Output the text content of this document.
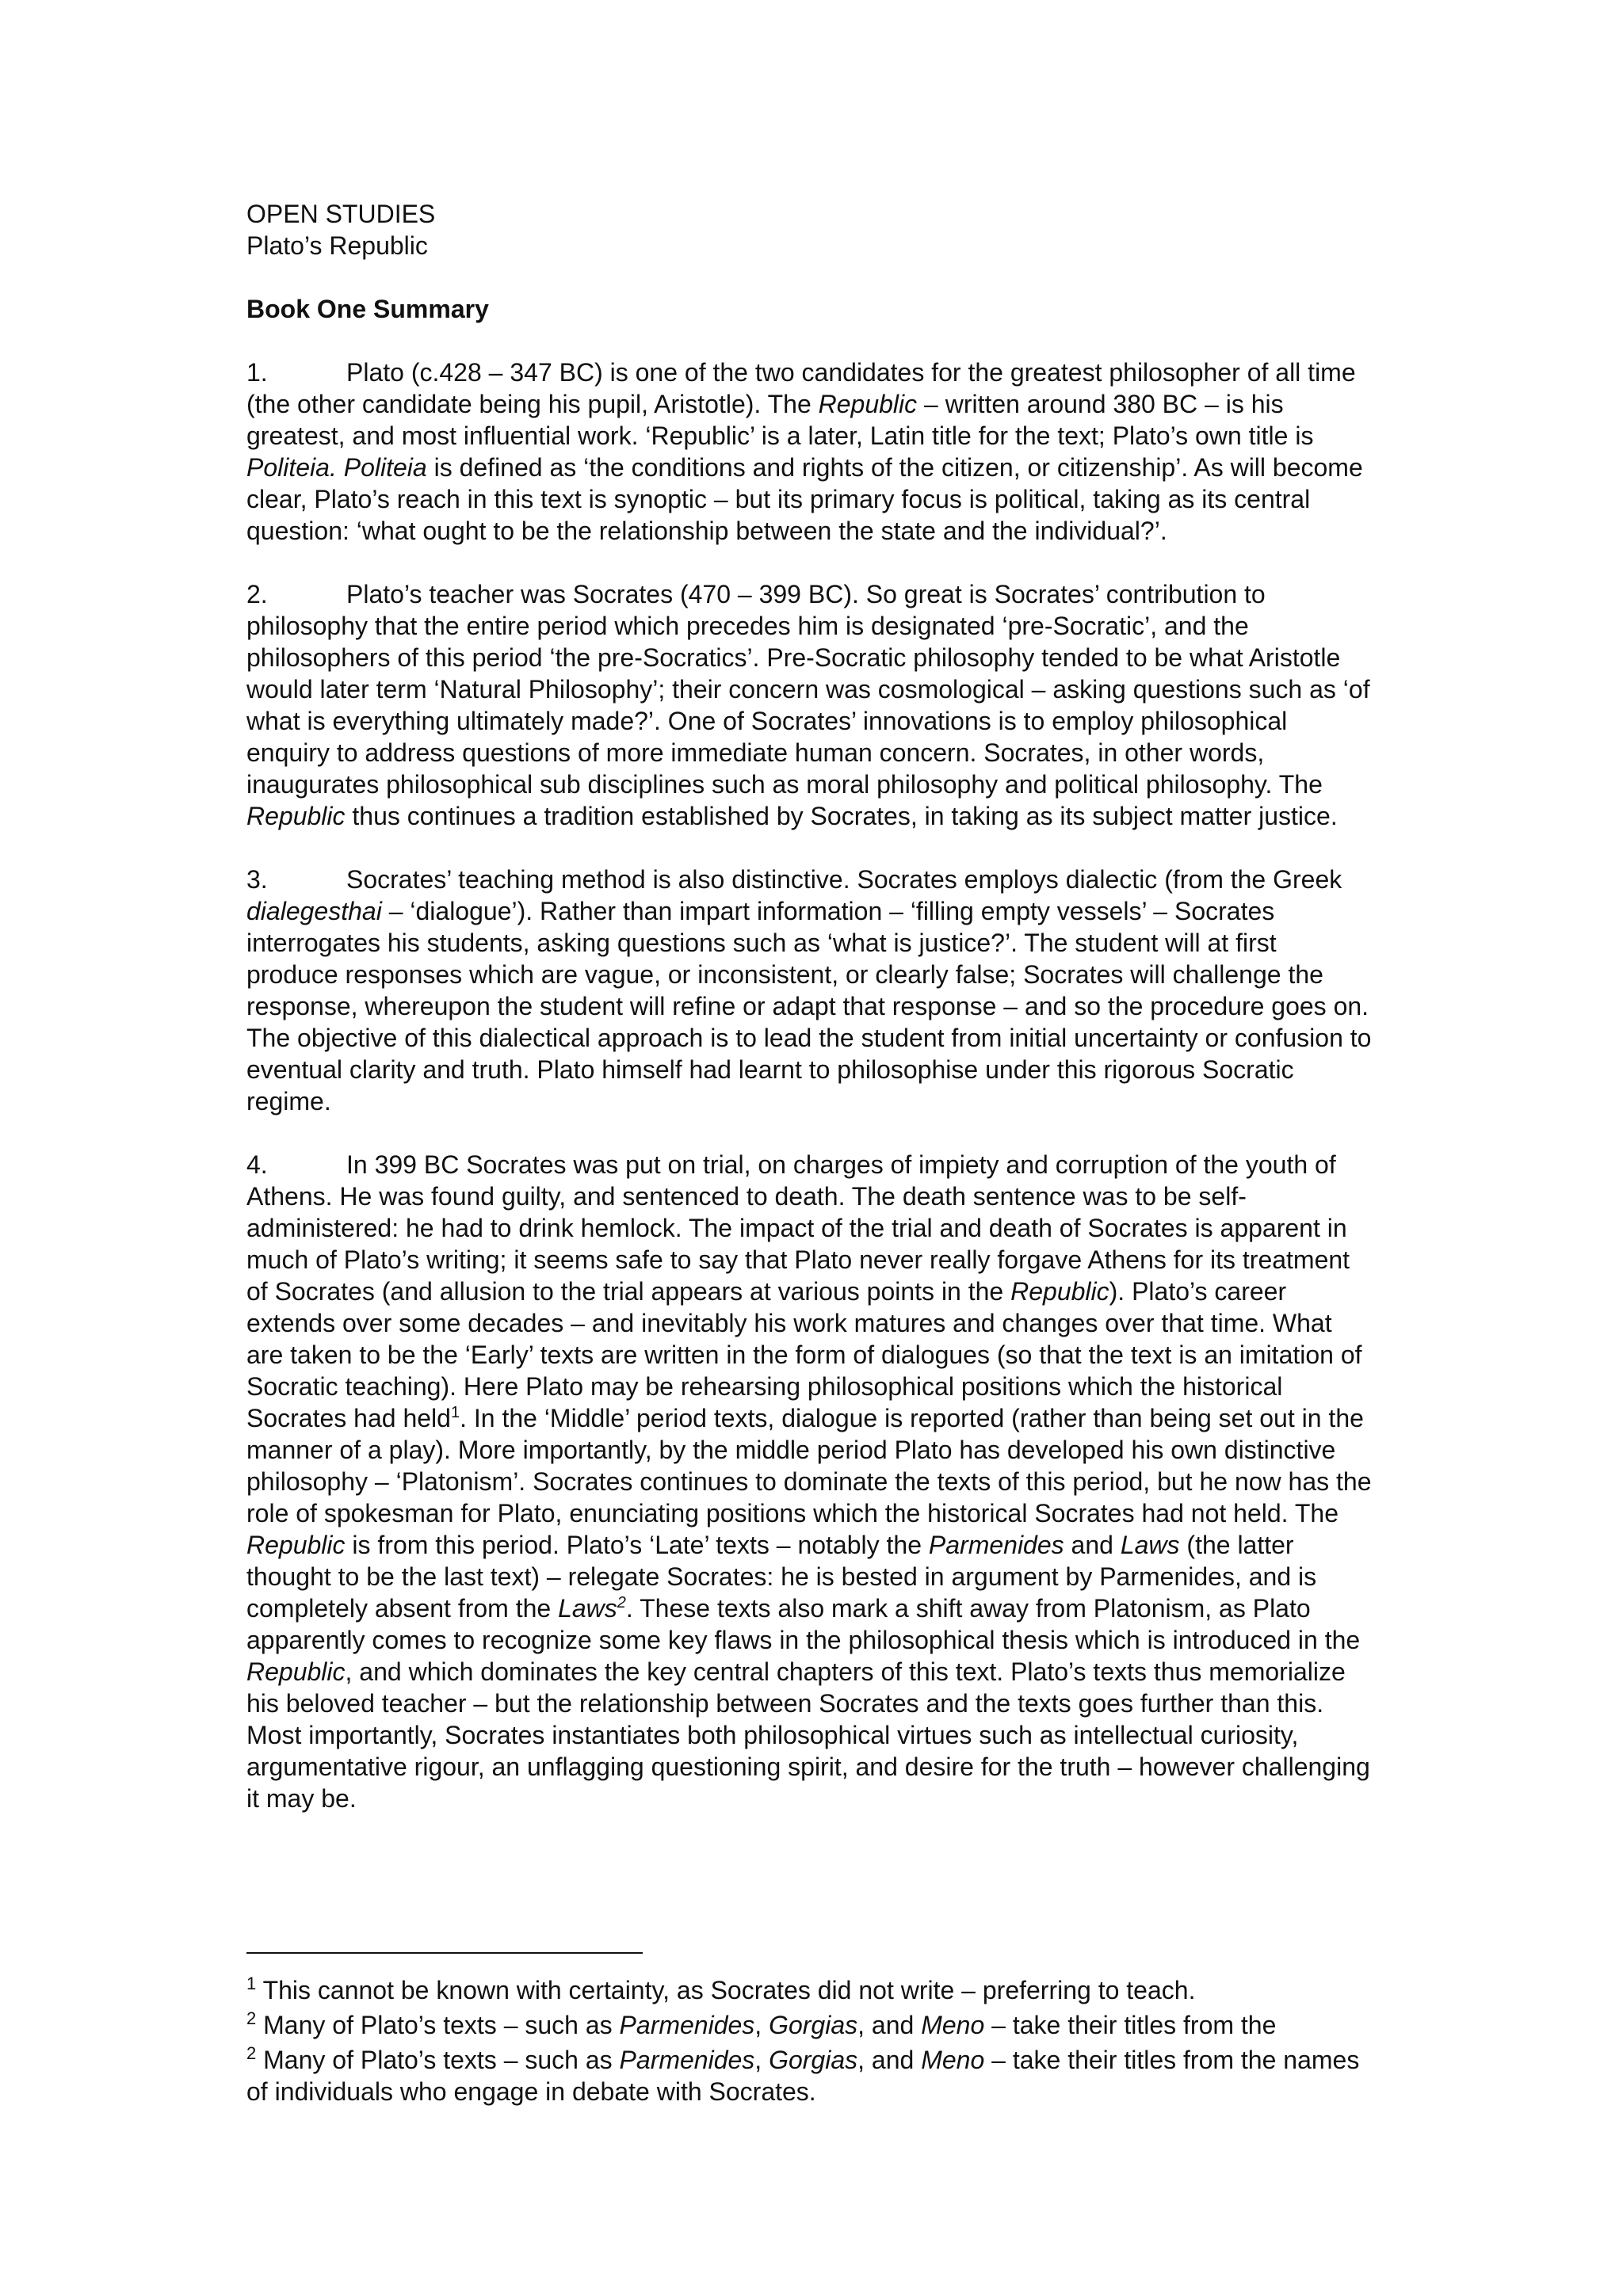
OPEN STUDIES

Plato’s Republic

Book One Summary

1.	Plato (c.428 – 347 BC) is one of the two candidates for the greatest philosopher of all time (the other candidate being his pupil, Aristotle). The Republic – written around 380 BC – is his greatest, and most influential work. ‘Republic’ is a later, Latin title for the text; Plato’s own title is Politeia. Politeia is defined as ‘the conditions and rights of the citizen, or citizenship’. As will become clear, Plato’s reach in this text is synoptic – but its primary focus is political, taking as its central question: ‘what ought to be the relationship between the state and the individual?’.

2.	Plato’s teacher was Socrates (470 – 399 BC). So great is Socrates’ contribution to philosophy that the entire period which precedes him is designated ‘pre-Socratic’, and the philosophers of this period ‘the pre-Socratics’. Pre-Socratic philosophy tended to be what Aristotle would later term ‘Natural Philosophy’; their concern was cosmological – asking questions such as ‘of what is everything ultimately made?’. One of Socrates’ innovations is to employ philosophical enquiry to address questions of more immediate human concern. Socrates, in other words, inaugurates philosophical sub disciplines such as moral philosophy and political philosophy. The Republic thus continues a tradition established by Socrates, in taking as its subject matter justice.

3.	Socrates’ teaching method is also distinctive. Socrates employs dialectic (from the Greek dialegesthai – ‘dialogue’). Rather than impart information – ‘filling empty vessels’ – Socrates interrogates his students, asking questions such as ‘what is justice?’. The student will at first produce responses which are vague, or inconsistent, or clearly false; Socrates will challenge the response, whereupon the student will refine or adapt that response – and so the procedure goes on. The objective of this dialectical approach is to lead the student from initial uncertainty or confusion to eventual clarity and truth. Plato himself had learnt to philosophise under this rigorous Socratic regime.

4.	In 399 BC Socrates was put on trial, on charges of impiety and corruption of the youth of Athens. He was found guilty, and sentenced to death. The death sentence was to be self-administered: he had to drink hemlock. The impact of the trial and death of Socrates is apparent in much of Plato’s writing; it seems safe to say that Plato never really forgave Athens for its treatment of Socrates (and allusion to the trial appears at various points in the Republic). Plato’s career extends over some decades – and inevitably his work matures and changes over that time. What are taken to be the ‘Early’ texts are written in the form of dialogues (so that the text is an imitation of Socratic teaching). Here Plato may be rehearsing philosophical positions which the historical Socrates had held$^1$. In the ‘Middle’ period texts, dialogue is reported (rather than being set out in the manner of a play). More importantly, by the middle period Plato has developed his own distinctive philosophy – ‘Platonism’. Socrates continues to dominate the texts of this period, but he now has the role of spokesman for Plato, enunciating positions which the historical Socrates had not held. The Republic is from this period. Plato’s ‘Late’ texts – notably the Parmenides and Laws (the latter thought to be the last text) – relegate Socrates: he is bested in argument by Parmenides, and is completely absent from the Laws$^2$. These texts also mark a shift away from Platonism, as Plato apparently comes to recognize some key flaws in the philosophical thesis which is introduced in the Republic, and which dominates the key central chapters of this text. Plato’s texts thus memorialize his beloved teacher – but the relationship between Socrates and the texts goes further than this. Most importantly, Socrates instantiates both philosophical virtues such as intellectual curiosity, argumentative rigour, an unflagging questioning spirit, and desire for the truth – however challenging it may be.

$^1$ This cannot be known with certainty, as Socrates did not write – preferring to teach.

$^2$ Many of Plato’s texts – such as Parmenides, Gorgias, and Meno – take their titles from the

$^2$ Many of Plato’s texts – such as Parmenides, Gorgias, and Meno – take their titles from the names of individuals who engage in debate with Socrates.
